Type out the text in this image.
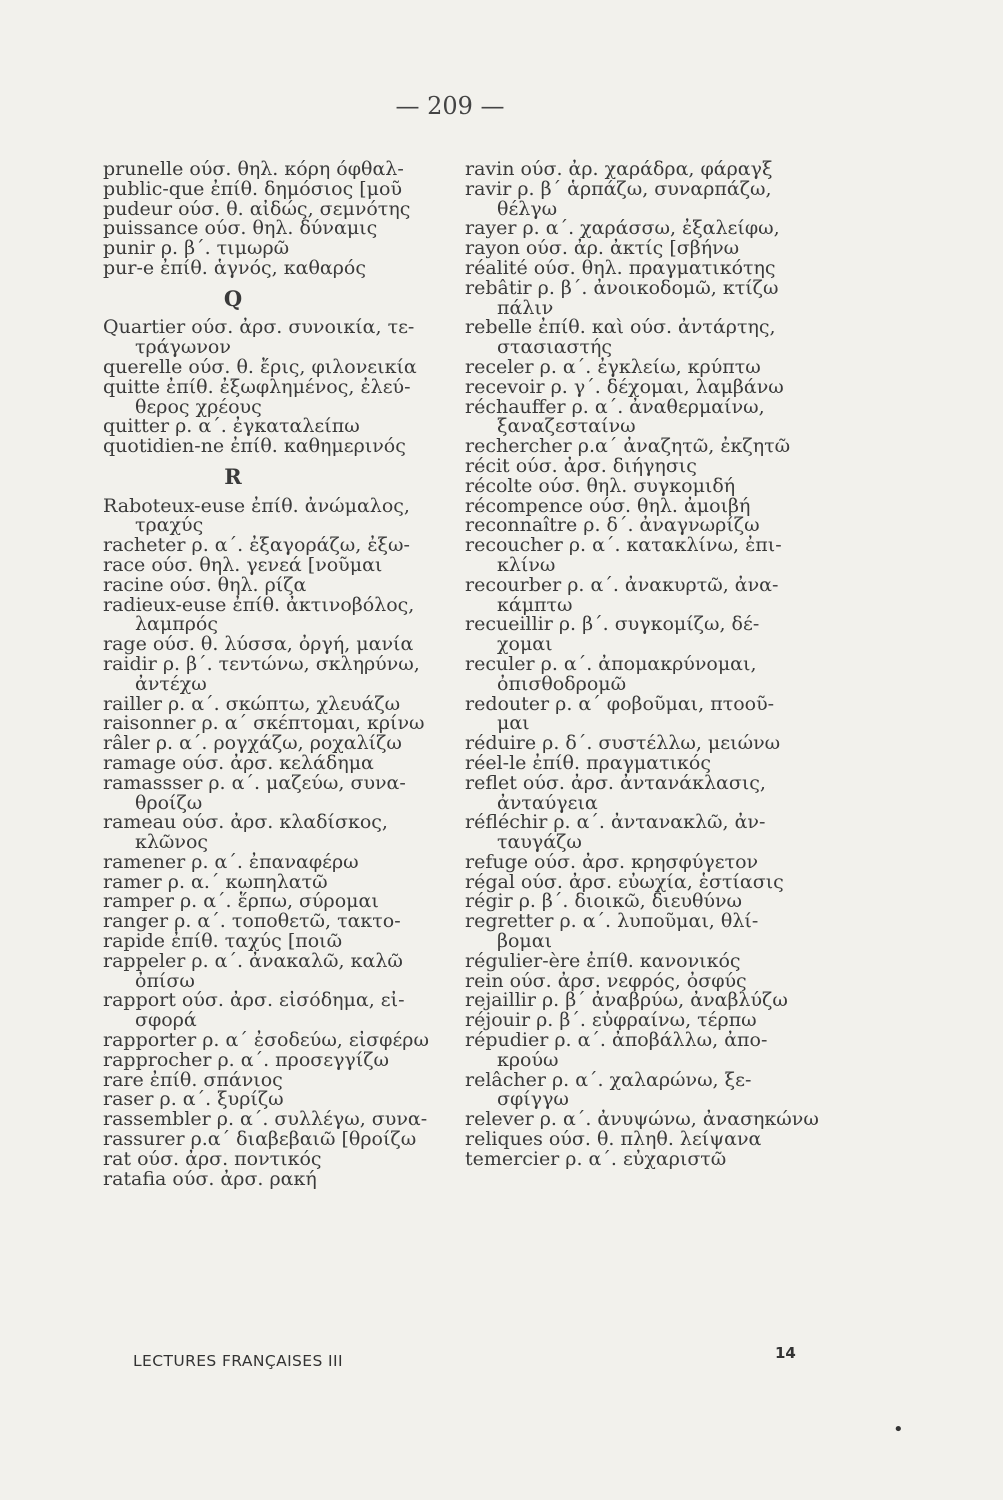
— 209 —
prunelle ούσ. θηλ. κόρη όφθαλ-
public-que ἐπίθ. δημόσιος [μοῦ
pudeur ούσ. θ. αἰδώς, σεμνότης
puissance ούσ. θηλ. δύναμις
punir ρ. β΄. τιμωρῶ
pur-e ἐπίθ. ἁγνός, καθαρός
Q
Quartier ούσ. ἀρσ. συνοικία, τε-
τράγωνον
querelle ούσ. θ. ἔρις, φιλονεικία
quitte ἐπίθ. ἐξωφλημένος, ἐλεύ-
θερος χρέους
quitter ρ. α΄. ἐγκαταλείπω
quotidien-ne ἐπίθ. καθημερινός
R
Raboteux-euse ἐπίθ. ἀνώμαλος,
τραχύς
racheter ρ. α΄. ἐξαγοράζω, ἐξω-
race ούσ. θηλ. γενεά [νοῦμαι
racine ούσ. θηλ. ρίζα
radieux-euse ἐπίθ. ἀκτινοβόλος,
λαμπρός
rage ούσ. θ. λύσσα, ὀργή, μανία
raidir ρ. β΄. τεντώνω, σκληρύνω,
ἀντέχω
railler ρ. α΄. σκώπτω, χλευάζω
raisonner ρ. α΄ σκέπτομαι, κρίνω
râler ρ. α΄. ρογχάζω, ροχαλίζω
ramage ούσ. ἀρσ. κελάδημα
ramassser ρ. α΄. μαζεύω, συνα-
θροίζω
rameau ούσ. ἀρσ. κλαδίσκος,
κλῶνος
ramener ρ. α΄. ἐπαναφέρω
ramer ρ. α.΄ κωπηλατῶ
ramper ρ. α΄. ἕρπω, σύρομαι
ranger ρ. α΄. τοποθετῶ, τακτο-
rapide ἐπίθ. ταχύς [ποιῶ
rappeler ρ. α΄. ἀνακαλῶ, καλῶ
ὀπίσω
rapport ούσ. ἀρσ. εἰσόδημα, εἰ-
σφορά
rapporter ρ. α΄ ἐσοδεύω, εἰσφέρω
rapprocher ρ. α΄. προσεγγίζω
rare ἐπίθ. σπάνιος
raser ρ. α΄. ξυρίζω
rassembler ρ. α΄. συλλέγω, συνα-
rassurer ρ.α΄ διαβεβαιῶ [θροίζω
rat ούσ. ἀρσ. ποντικός
ratafia ούσ. ἀρσ. ρακή
ravin ούσ. ἀρ. χαράδρα, φάραγξ
ravir ρ. β΄ ἁρπάζω, συναρπάζω,
θέλγω
rayer ρ. α΄. χαράσσω, ἐξαλείφω,
rayon ούσ. ἀρ. ἀκτίς [σβήνω
réalité ούσ. θηλ. πραγματικότης
rebâtir ρ. β΄. ἀνοικοδομῶ, κτίζω
πάλιν
rebelle ἐπίθ. καὶ ούσ. ἀντάρτης,
στασιαστής
receler ρ. α΄. ἐγκλείω, κρύπτω
recevoir ρ. γ΄. δέχομαι, λαμβάνω
réchauffer ρ. α΄. ἀναθερμαίνω,
ξαναζεσταίνω
rechercher ρ.α΄ ἀναζητῶ, ἐκζητῶ
récit ούσ. ἀρσ. διήγησις
récolte ούσ. θηλ. συγκομιδή
récompence ούσ. θηλ. ἀμοιβή
reconnaître ρ. δ΄. ἀναγνωρίζω
recoucher ρ. α΄. κατακλίνω, ἐπι-
κλίνω
recourber ρ. α΄. ἀνακυρτῶ, ἀνα-
κάμπτω
recueillir ρ. β΄. συγκομίζω, δέ-
χομαι
reculer ρ. α΄. ἀπομακρύνομαι,
ὀπισθοδρομῶ
redouter ρ. α΄ φοβοῦμαι, πτοοῦ-
μαι
réduire ρ. δ΄. συστέλλω, μειώνω
réel-le ἐπίθ. πραγματικός
reflet ούσ. ἀρσ. ἀντανάκλασις,
ἀνταύγεια
réfléchir ρ. α΄. ἀντανακλῶ, ἀν-
ταυγάζω
refuge ούσ. ἀρσ. κρησφύγετον
régal ούσ. ἀρσ. εὐωχία, ἑστίασις
régir ρ. β΄. διοικῶ, διευθύνω
regretter ρ. α΄. λυποῦμαι, θλί-
βομαι
régulier-ère ἐπίθ. κανονικός
rein ούσ. ἀρσ. νεφρός, ὀσφύς
rejaillir ρ. β΄ ἀναβρύω, ἀναβλύζω
réjouir ρ. β΄. εὐφραίνω, τέρπω
répudier ρ. α΄. ἀποβάλλω, ἀπο-
κρούω
relâcher ρ. α΄. χαλαρώνω, ξε-
σφίγγω
relever ρ. α΄. ἀνυψώνω, ἀνασηκώνω
reliques ούσ. θ. πληθ. λείψανα
temercier ρ. α΄. εὐχαριστῶ
LECTURES FRANÇAISES III	14
•
